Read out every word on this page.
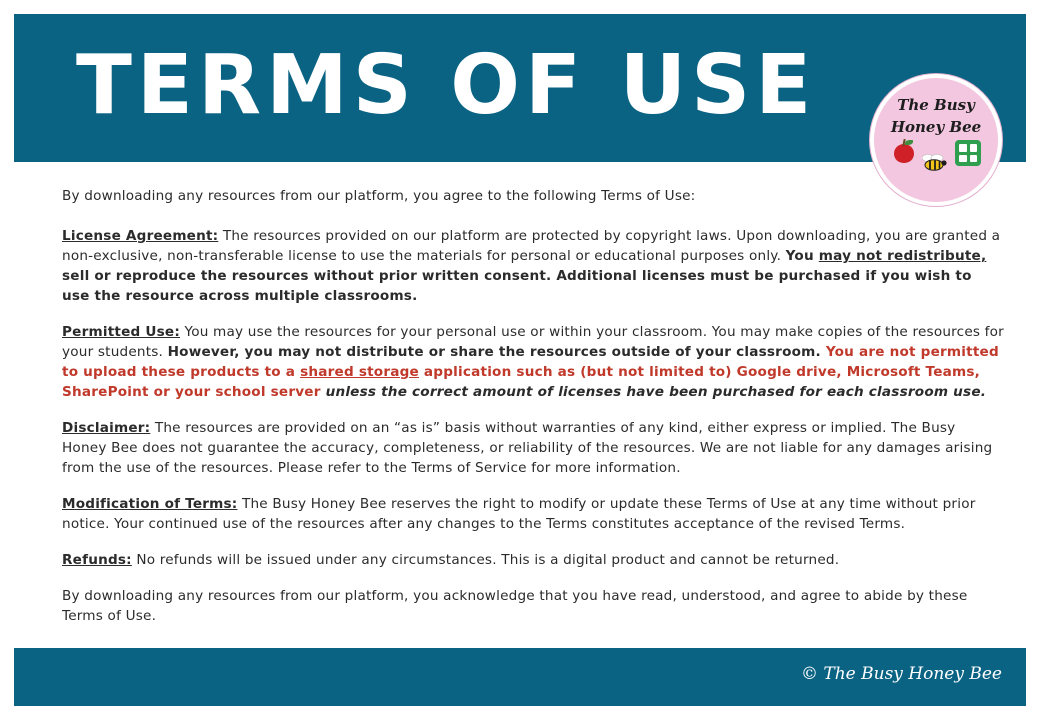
TERMS OF USE	The Busy
Honey Bee

By downloading any resources from our platform, you agree to the following Terms of Use:

License Agreement: The resources provided on our platform are protected by copyright laws. Upon downloading, you are granted a non-exclusive, non-transferable license to use the materials for personal or educational purposes only. You may not redistribute, sell or reproduce the resources without prior written consent. Additional licenses must be purchased if you wish to use the resource across multiple classrooms.

Permitted Use: You may use the resources for your personal use or within your classroom. You may make copies of the resources for your students. However, you may not distribute or share the resources outside of your classroom. You are not permitted to upload these products to a shared storage application such as (but not limited to) Google drive, Microsoft Teams, SharePoint or your school server unless the correct amount of licenses have been purchased for each classroom use.

Disclaimer: The resources are provided on an “as is” basis without warranties of any kind, either express or implied. The Busy Honey Bee does not guarantee the accuracy, completeness, or reliability of the resources. We are not liable for any damages arising from the use of the resources. Please refer to the Terms of Service for more information.

Modification of Terms: The Busy Honey Bee reserves the right to modify or update these Terms of Use at any time without prior notice. Your continued use of the resources after any changes to the Terms constitutes acceptance of the revised Terms.

Refunds: No refunds will be issued under any circumstances. This is a digital product and cannot be returned.

By downloading any resources from our platform, you acknowledge that you have read, understood, and agree to abide by these Terms of Use.

© The Busy Honey Bee
